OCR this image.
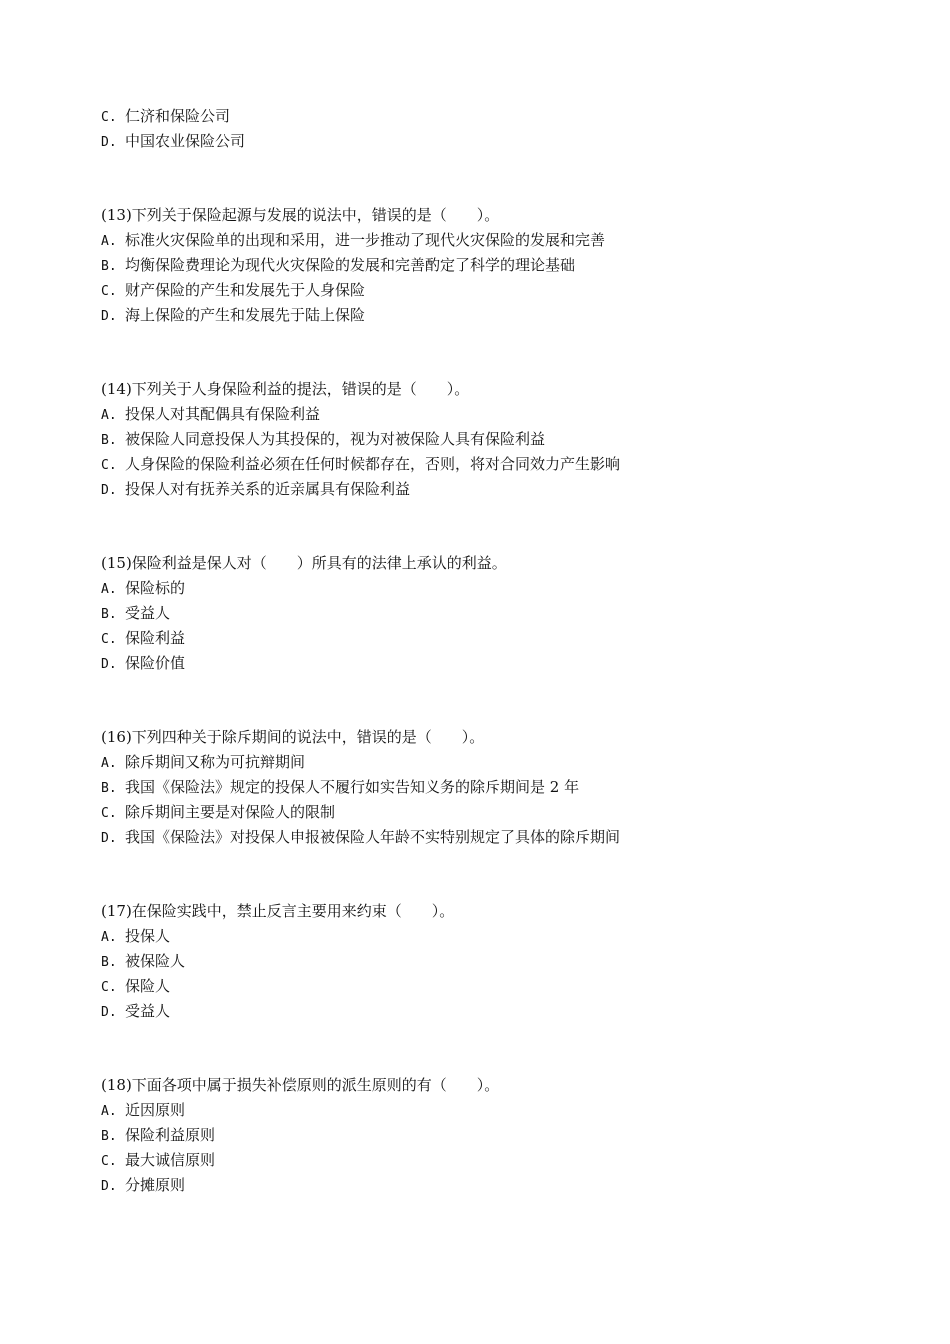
C. 仁济和保险公司
D. 中国农业保险公司
(13)下列关于保险起源与发展的说法中，错误的是（　　）。
A. 标准火灾保险单的出现和采用，进一步推动了现代火灾保险的发展和完善
B. 均衡保险费理论为现代火灾保险的发展和完善酌定了科学的理论基础
C. 财产保险的产生和发展先于人身保险
D. 海上保险的产生和发展先于陆上保险
(14)下列关于人身保险利益的提法，错误的是（　　）。
A. 投保人对其配偶具有保险利益
B. 被保险人同意投保人为其投保的，视为对被保险人具有保险利益
C. 人身保险的保险利益必须在任何时候都存在，否则，将对合同效力产生影响
D. 投保人对有抚养关系的近亲属具有保险利益
(15)保险利益是保人对（　　）所具有的法律上承认的利益。
A. 保险标的
B. 受益人
C. 保险利益
D. 保险价值
(16)下列四种关于除斥期间的说法中，错误的是（　　）。
A. 除斥期间又称为可抗辩期间
B. 我国《保险法》规定的投保人不履行如实告知义务的除斥期间是 2 年
C. 除斥期间主要是对保险人的限制
D. 我国《保险法》对投保人申报被保险人年龄不实特别规定了具体的除斥期间
(17)在保险实践中，禁止反言主要用来约束（　　）。
A. 投保人
B. 被保险人
C. 保险人
D. 受益人
(18)下面各项中属于损失补偿原则的派生原则的有（　　）。
A. 近因原则
B. 保险利益原则
C. 最大诚信原则
D. 分摊原则
